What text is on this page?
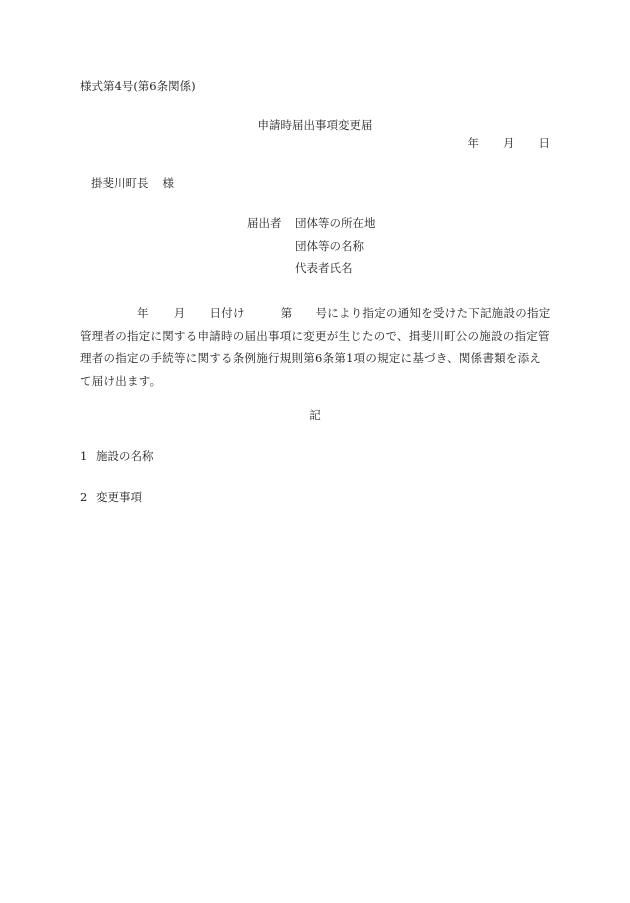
様式第4号(第6条関係)
申請時届出事項変更届
年 月 日
掛斐川町長 様
届出者 団体等の所在地
団体等の名称
代表者氏名
年 月 日付け	第 号により指定の通知を受けた下記施設の指定管理者の指定に関する申請時の届出事項に変更が生じたので、揖斐川町公の施設の指定管理者の指定の手続等に関する条例施行規則第6条第1項の規定に基づき、関係書類を添えて届け出ます。
記
1 施設の名称
2 変更事項
